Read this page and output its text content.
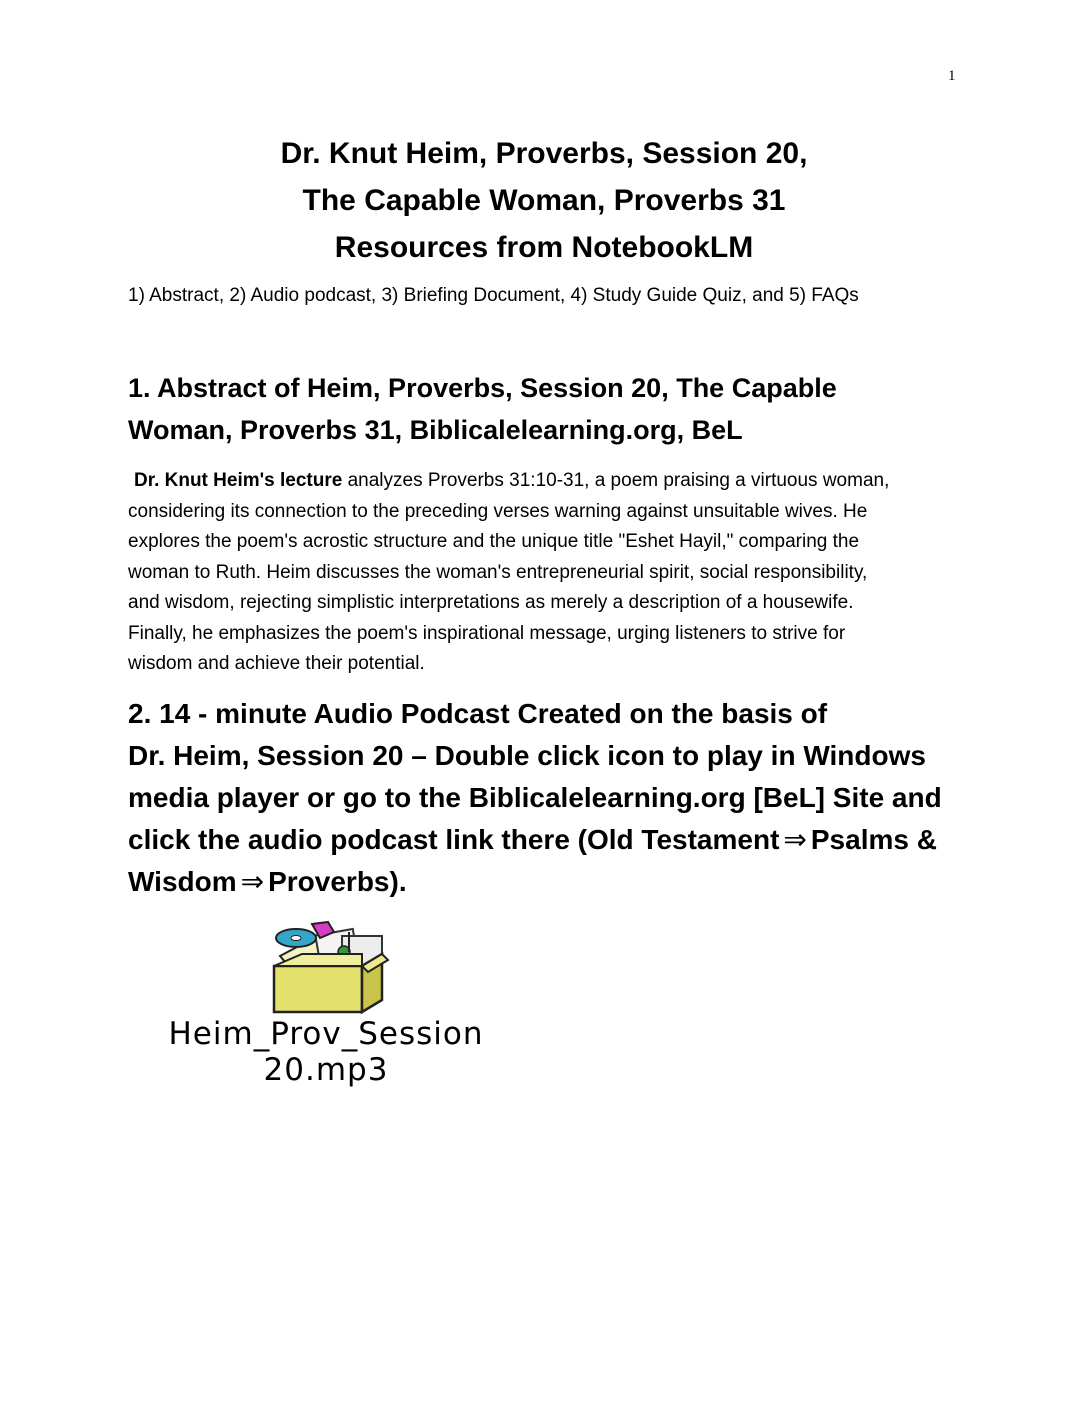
1
Dr. Knut Heim, Proverbs, Session 20,
The Capable Woman, Proverbs 31
Resources from NotebookLM
1) Abstract, 2) Audio podcast, 3) Briefing Document, 4) Study Guide Quiz, and 5) FAQs
1. Abstract of Heim, Proverbs, Session 20, The Capable
Woman, Proverbs 31, Biblicalelearning.org, BeL
Dr. Knut Heim's lecture analyzes Proverbs 31:10-31, a poem praising a virtuous woman,
considering its connection to the preceding verses warning against unsuitable wives. He
explores the poem's acrostic structure and the unique title "Eshet Hayil," comparing the
woman to Ruth. Heim discusses the woman's entrepreneurial spirit, social responsibility,
and wisdom, rejecting simplistic interpretations as merely a description of a housewife.
Finally, he emphasizes the poem's inspirational message, urging listeners to strive for
wisdom and achieve their potential.
2. 14 - minute Audio Podcast Created on the basis of
Dr. Heim, Session 20 – Double click icon to play in Windows
media player or go to the Biblicalelearning.org [BeL] Site and
click the audio podcast link there (Old Testament ⇒ Psalms &
Wisdom ⇒ Proverbs).
Heim_Prov_Session
20.mp3
